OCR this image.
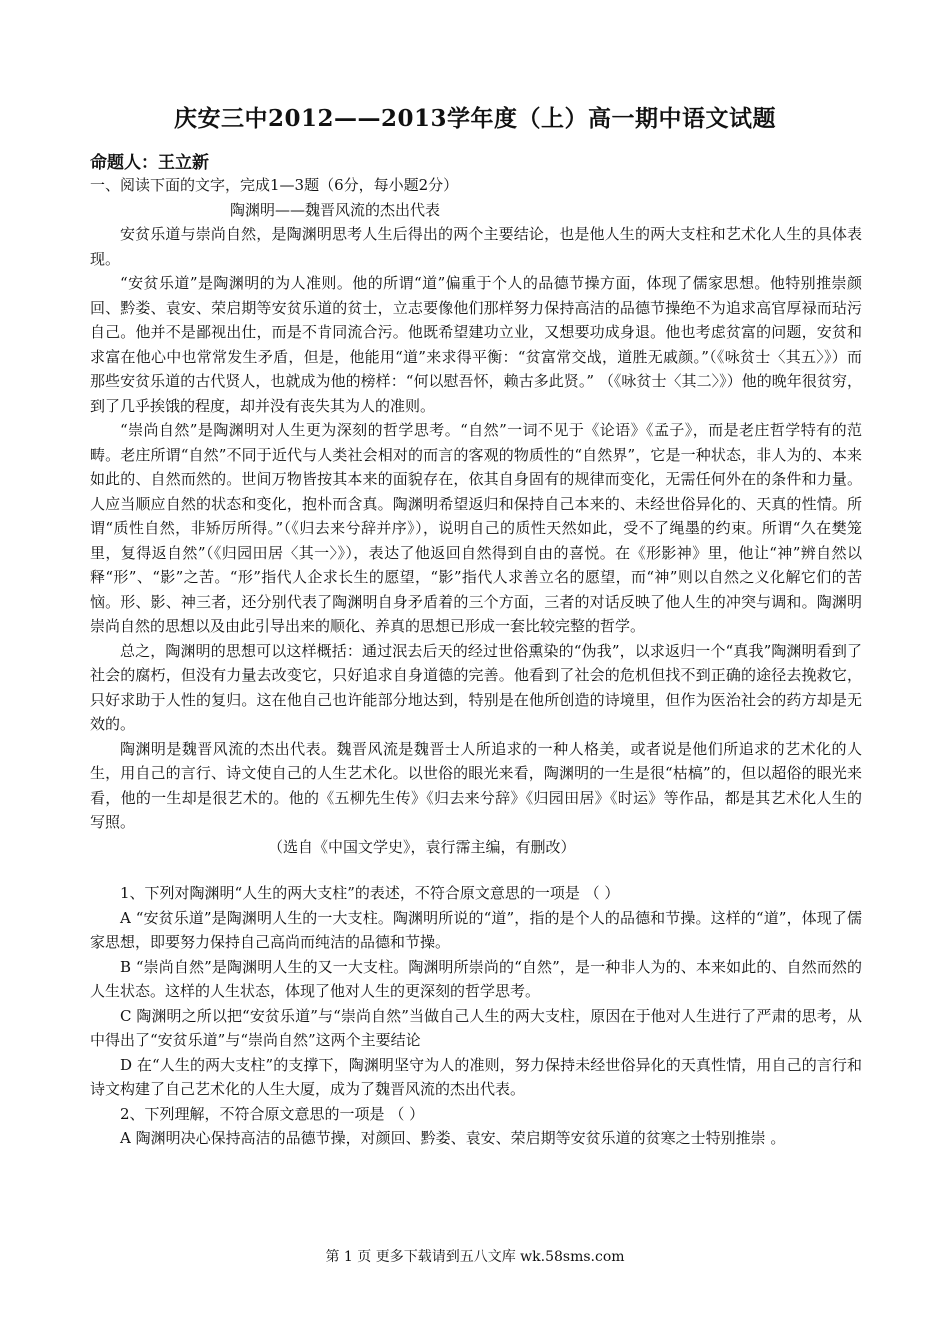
庆安三中2012——2013学年度（上）高一期中语文试题

命题人：王立新

一、阅读下面的文字，完成1—3题（6分，每小题2分）

陶渊明——魏晋风流的杰出代表

安贫乐道与崇尚自然，是陶渊明思考人生后得出的两个主要结论，也是他人生的两大支柱和艺术化人生的具体表现。

“安贫乐道”是陶渊明的为人准则。他的所谓“道”偏重于个人的品德节操方面，体现了儒家思想。他特别推崇颜回、黔娄、袁安、荣启期等安贫乐道的贫士，立志要像他们那样努力保持高洁的品德节操绝不为追求高官厚禄而玷污自己。他并不是鄙视出仕，而是不肯同流合污。他既希望建功立业，又想要功成身退。他也考虑贫富的问题，安贫和求富在他心中也常常发生矛盾，但是，他能用“道”来求得平衡：“贫富常交战，道胜无戚颜。”（《咏贫士〈其五〉》）而那些安贫乐道的古代贤人，也就成为他的榜样：“何以慰吾怀，赖古多此贤。” （《咏贫士〈其二〉》）他的晚年很贫穷，到了几乎挨饿的程度，却并没有丧失其为人的准则。

“崇尚自然”是陶渊明对人生更为深刻的哲学思考。“自然”一词不见于《论语》《孟子》，而是老庄哲学特有的范畴。老庄所谓“自然”不同于近代与人类社会相对的而言的客观的物质性的“自然界”，它是一种状态，非人为的、本来如此的、自然而然的。世间万物皆按其本来的面貌存在，依其自身固有的规律而变化，无需任何外在的条件和力量。人应当顺应自然的状态和变化，抱朴而含真。陶渊明希望返归和保持自己本来的、未经世俗异化的、天真的性情。所谓“质性自然，非矫厉所得。”（《归去来兮辞并序》），说明自己的质性天然如此，受不了绳墨的约束。所谓“久在樊笼里，复得返自然”（《归园田居〈其一〉》），表达了他返回自然得到自由的喜悦。在《形影神》里，他让“神”辨自然以释“形”、“影”之苦。“形”指代人企求长生的愿望，“影”指代人求善立名的愿望，而“神”则以自然之义化解它们的苦恼。形、影、神三者，还分别代表了陶渊明自身矛盾着的三个方面，三者的对话反映了他人生的冲突与调和。陶渊明崇尚自然的思想以及由此引导出来的顺化、养真的思想已形成一套比较完整的哲学。

总之，陶渊明的思想可以这样概括：通过泯去后天的经过世俗熏染的“伪我”，以求返归一个“真我”陶渊明看到了社会的腐朽，但没有力量去改变它，只好追求自身道德的完善。他看到了社会的危机但找不到正确的途径去挽救它，只好求助于人性的复归。这在他自己也许能部分地达到，特别是在他所创造的诗境里，但作为医治社会的药方却是无效的。

陶渊明是魏晋风流的杰出代表。魏晋风流是魏晋士人所追求的一种人格美，或者说是他们所追求的艺术化的人生，用自己的言行、诗文使自己的人生艺术化。以世俗的眼光来看，陶渊明的一生是很“枯槁”的，但以超俗的眼光来看，他的一生却是很艺术的。他的《五柳先生传》《归去来兮辞》《归园田居》《时运》等作品，都是其艺术化人生的写照。

（选自《中国文学史》，袁行霈主编，有删改）

1、下列对陶渊明“人生的两大支柱”的表述，不符合原文意思的一项是 （ ）

A “安贫乐道”是陶渊明人生的一大支柱。陶渊明所说的“道”，指的是个人的品德和节操。这样的“道”，体现了儒家思想，即要努力保持自己高尚而纯洁的品德和节操。

B “崇尚自然”是陶渊明人生的又一大支柱。陶渊明所崇尚的“自然”，是一种非人为的、本来如此的、自然而然的人生状态。这样的人生状态，体现了他对人生的更深刻的哲学思考。

C 陶渊明之所以把“安贫乐道”与“崇尚自然”当做自己人生的两大支柱，原因在于他对人生进行了严肃的思考，从中得出了“安贫乐道”与“崇尚自然”这两个主要结论

D 在“人生的两大支柱”的支撑下，陶渊明坚守为人的准则，努力保持未经世俗异化的天真性情，用自己的言行和诗文构建了自己艺术化的人生大厦，成为了魏晋风流的杰出代表。

2、下列理解，不符合原文意思的一项是 （ ）

A 陶渊明决心保持高洁的品德节操，对颜回、黔娄、袁安、荣启期等安贫乐道的贫寒之士特别推崇 。

第 1 页 更多下载请到五八文库 wk.58sms.com
